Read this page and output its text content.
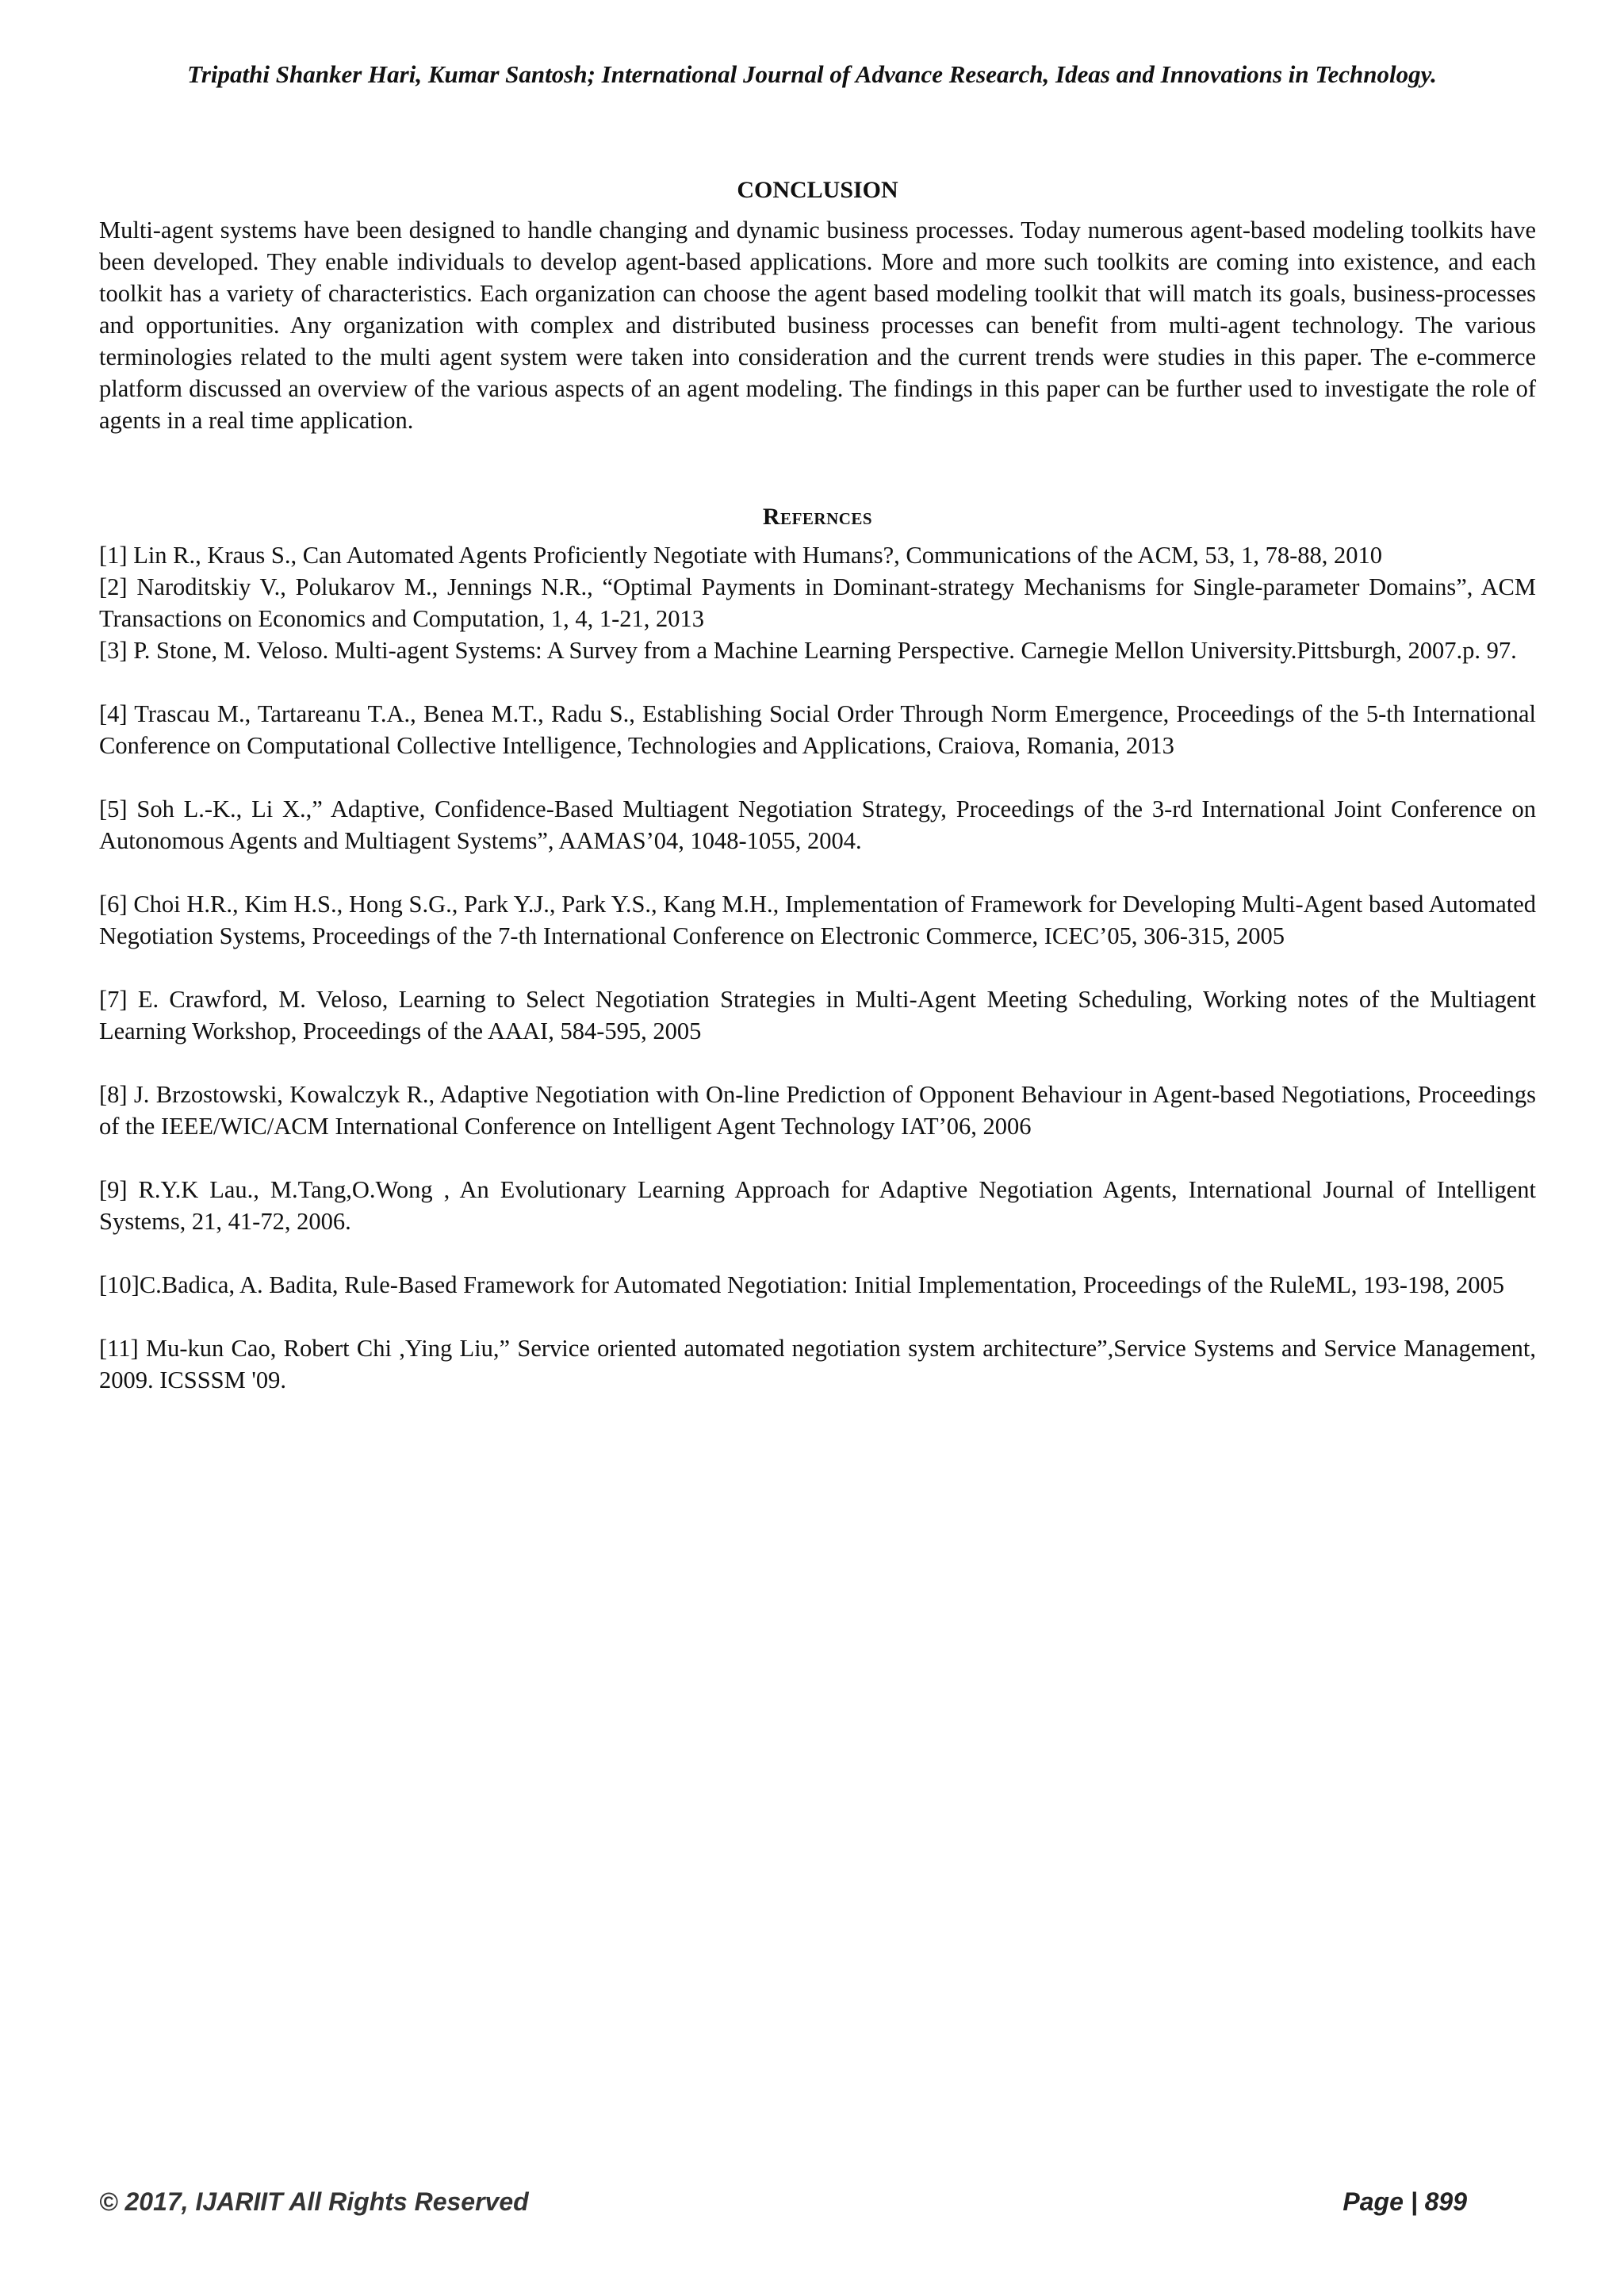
Tripathi Shanker Hari, Kumar Santosh; International Journal of Advance Research, Ideas and Innovations in Technology.
CONCLUSION

Multi-agent systems have been designed to handle changing and dynamic business processes. Today numerous agent-based modeling toolkits have been developed. They enable individuals to develop agent-based applications. More and more such toolkits are coming into existence, and each toolkit has a variety of characteristics. Each organization can choose the agent based modeling toolkit that will match its goals, business-processes and opportunities. Any organization with complex and distributed business processes can benefit from multi-agent technology. The various terminologies related to the multi agent system were taken into consideration and the current trends were studies in this paper. The e-commerce platform discussed an overview of the various aspects of an agent modeling. The findings in this paper can be further used to investigate the role of agents in a real time application.

Refernces

[1] Lin R., Kraus S., Can Automated Agents Proficiently Negotiate with Humans?, Communications of the ACM, 53, 1, 78-88, 2010

[2] Naroditskiy V., Polukarov M., Jennings N.R., “Optimal Payments in Dominant-strategy Mechanisms for Single-parameter Domains”, ACM Transactions on Economics and Computation, 1, 4, 1-21, 2013

[3] P. Stone, M. Veloso. Multi-agent Systems: A Survey from a Machine Learning Perspective. Carnegie Mellon University.Pittsburgh, 2007.p. 97.

[4] Trascau M., Tartareanu T.A., Benea M.T., Radu S., Establishing Social Order Through Norm Emergence, Proceedings of the 5-th International Conference on Computational Collective Intelligence, Technologies and Applications, Craiova, Romania, 2013

[5] Soh L.-K., Li X.,” Adaptive, Confidence-Based Multiagent Negotiation Strategy, Proceedings of the 3-rd International Joint Conference on Autonomous Agents and Multiagent Systems”, AAMAS’04, 1048-1055, 2004.

[6] Choi H.R., Kim H.S., Hong S.G., Park Y.J., Park Y.S., Kang M.H., Implementation of Framework for Developing Multi-Agent based Automated Negotiation Systems, Proceedings of the 7-th International Conference on Electronic Commerce, ICEC’05, 306-315, 2005

[7] E. Crawford, M. Veloso, Learning to Select Negotiation Strategies in Multi-Agent Meeting Scheduling, Working notes of the Multiagent Learning Workshop, Proceedings of the AAAI, 584-595, 2005

[8] J. Brzostowski, Kowalczyk R., Adaptive Negotiation with On-line Prediction of Opponent Behaviour in Agent-based Negotiations, Proceedings of the IEEE/WIC/ACM International Conference on Intelligent Agent Technology IAT’06, 2006

[9] R.Y.K Lau., M.Tang,O.Wong , An Evolutionary Learning Approach for Adaptive Negotiation Agents, International Journal of Intelligent Systems, 21, 41-72, 2006.

[10]C.Badica, A. Badita, Rule-Based Framework for Automated Negotiation: Initial Implementation, Proceedings of the RuleML, 193-198, 2005

[11] Mu-kun Cao, Robert Chi ,Ying Liu,” Service oriented automated negotiation system architecture”,Service Systems and Service Management, 2009. ICSSSM '09.

© 2017, IJARIIT All Rights Reserved	Page | 899
